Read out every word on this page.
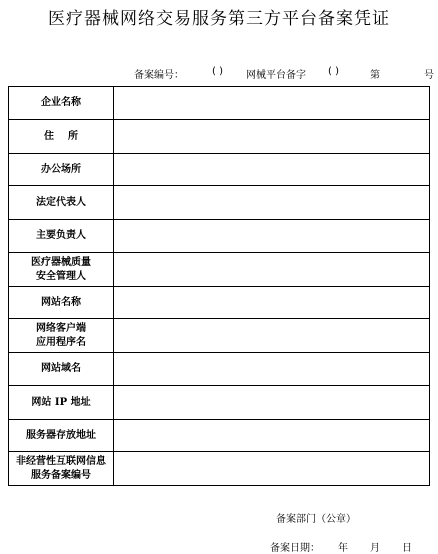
医疗器械网络交易服务第三方平台备案凭证
备案编号：	( ) 网械平台备字 ( )	第	号
企业名称	

住    所	

办公场所	

法定代表人	

主要负责人	

医疗器械质量
安全管理人	

网站名称	

网络客户端
应用程序名	

网站域名	

网站 IP 地址	

服务器存放地址	

非经营性互联网信息
服务备案编号	

备案部门（公章）
备案日期： 年 月 日
